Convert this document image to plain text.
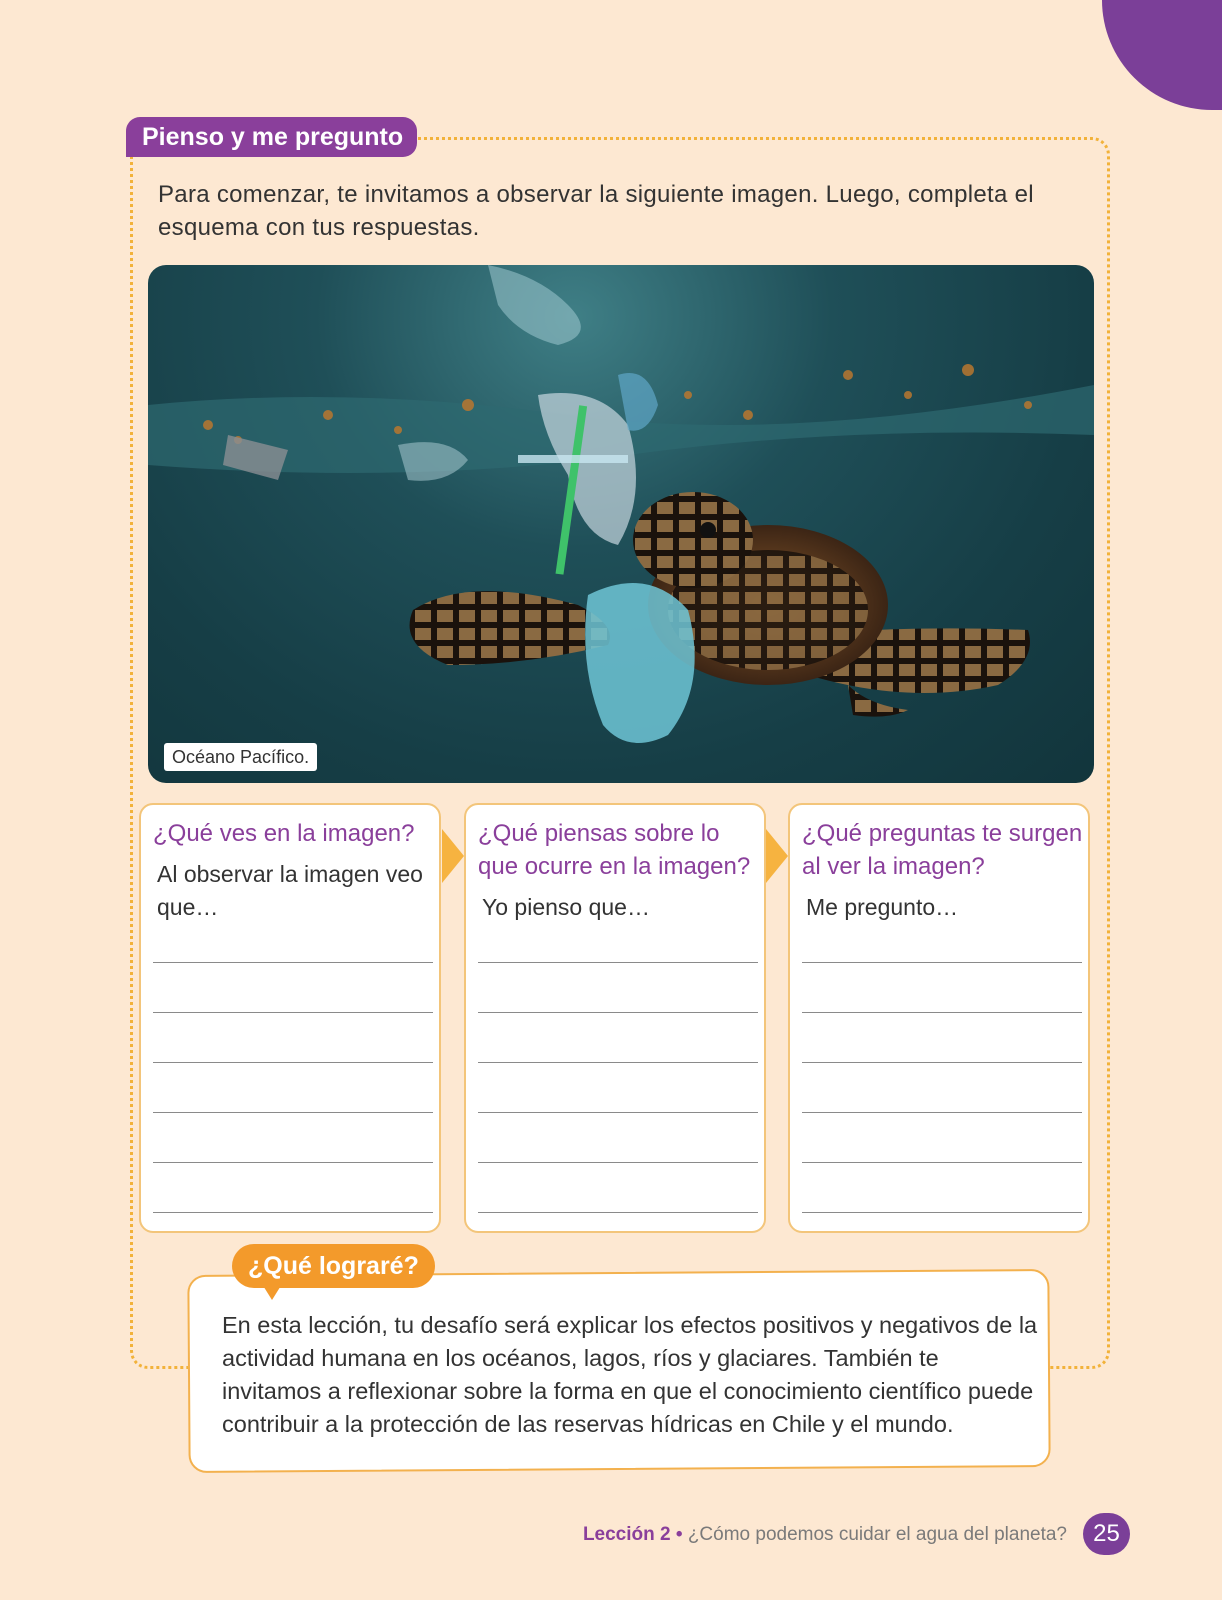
Pienso y me pregunto
Para comenzar, te invitamos a observar la siguiente imagen. Luego, completa el esquema con tus respuestas.
Océano Pacífico.
¿Qué ves en la imagen?
Al observar la imagen veo que…
¿Qué piensas sobre lo que ocurre en la imagen?
Yo pienso que…
¿Qué preguntas te surgen al ver la imagen?
Me pregunto…
En esta lección, tu desafío será explicar los efectos positivos y negativos de la actividad humana en los océanos, lagos, ríos y glaciares. También te invitamos a reflexionar sobre la forma en que el conocimiento científico puede contribuir a la protección de las reservas hídricas en Chile y el mundo.
¿Qué lograré?
Lección 2 • ¿Cómo podemos cuidar el agua del planeta?	25
